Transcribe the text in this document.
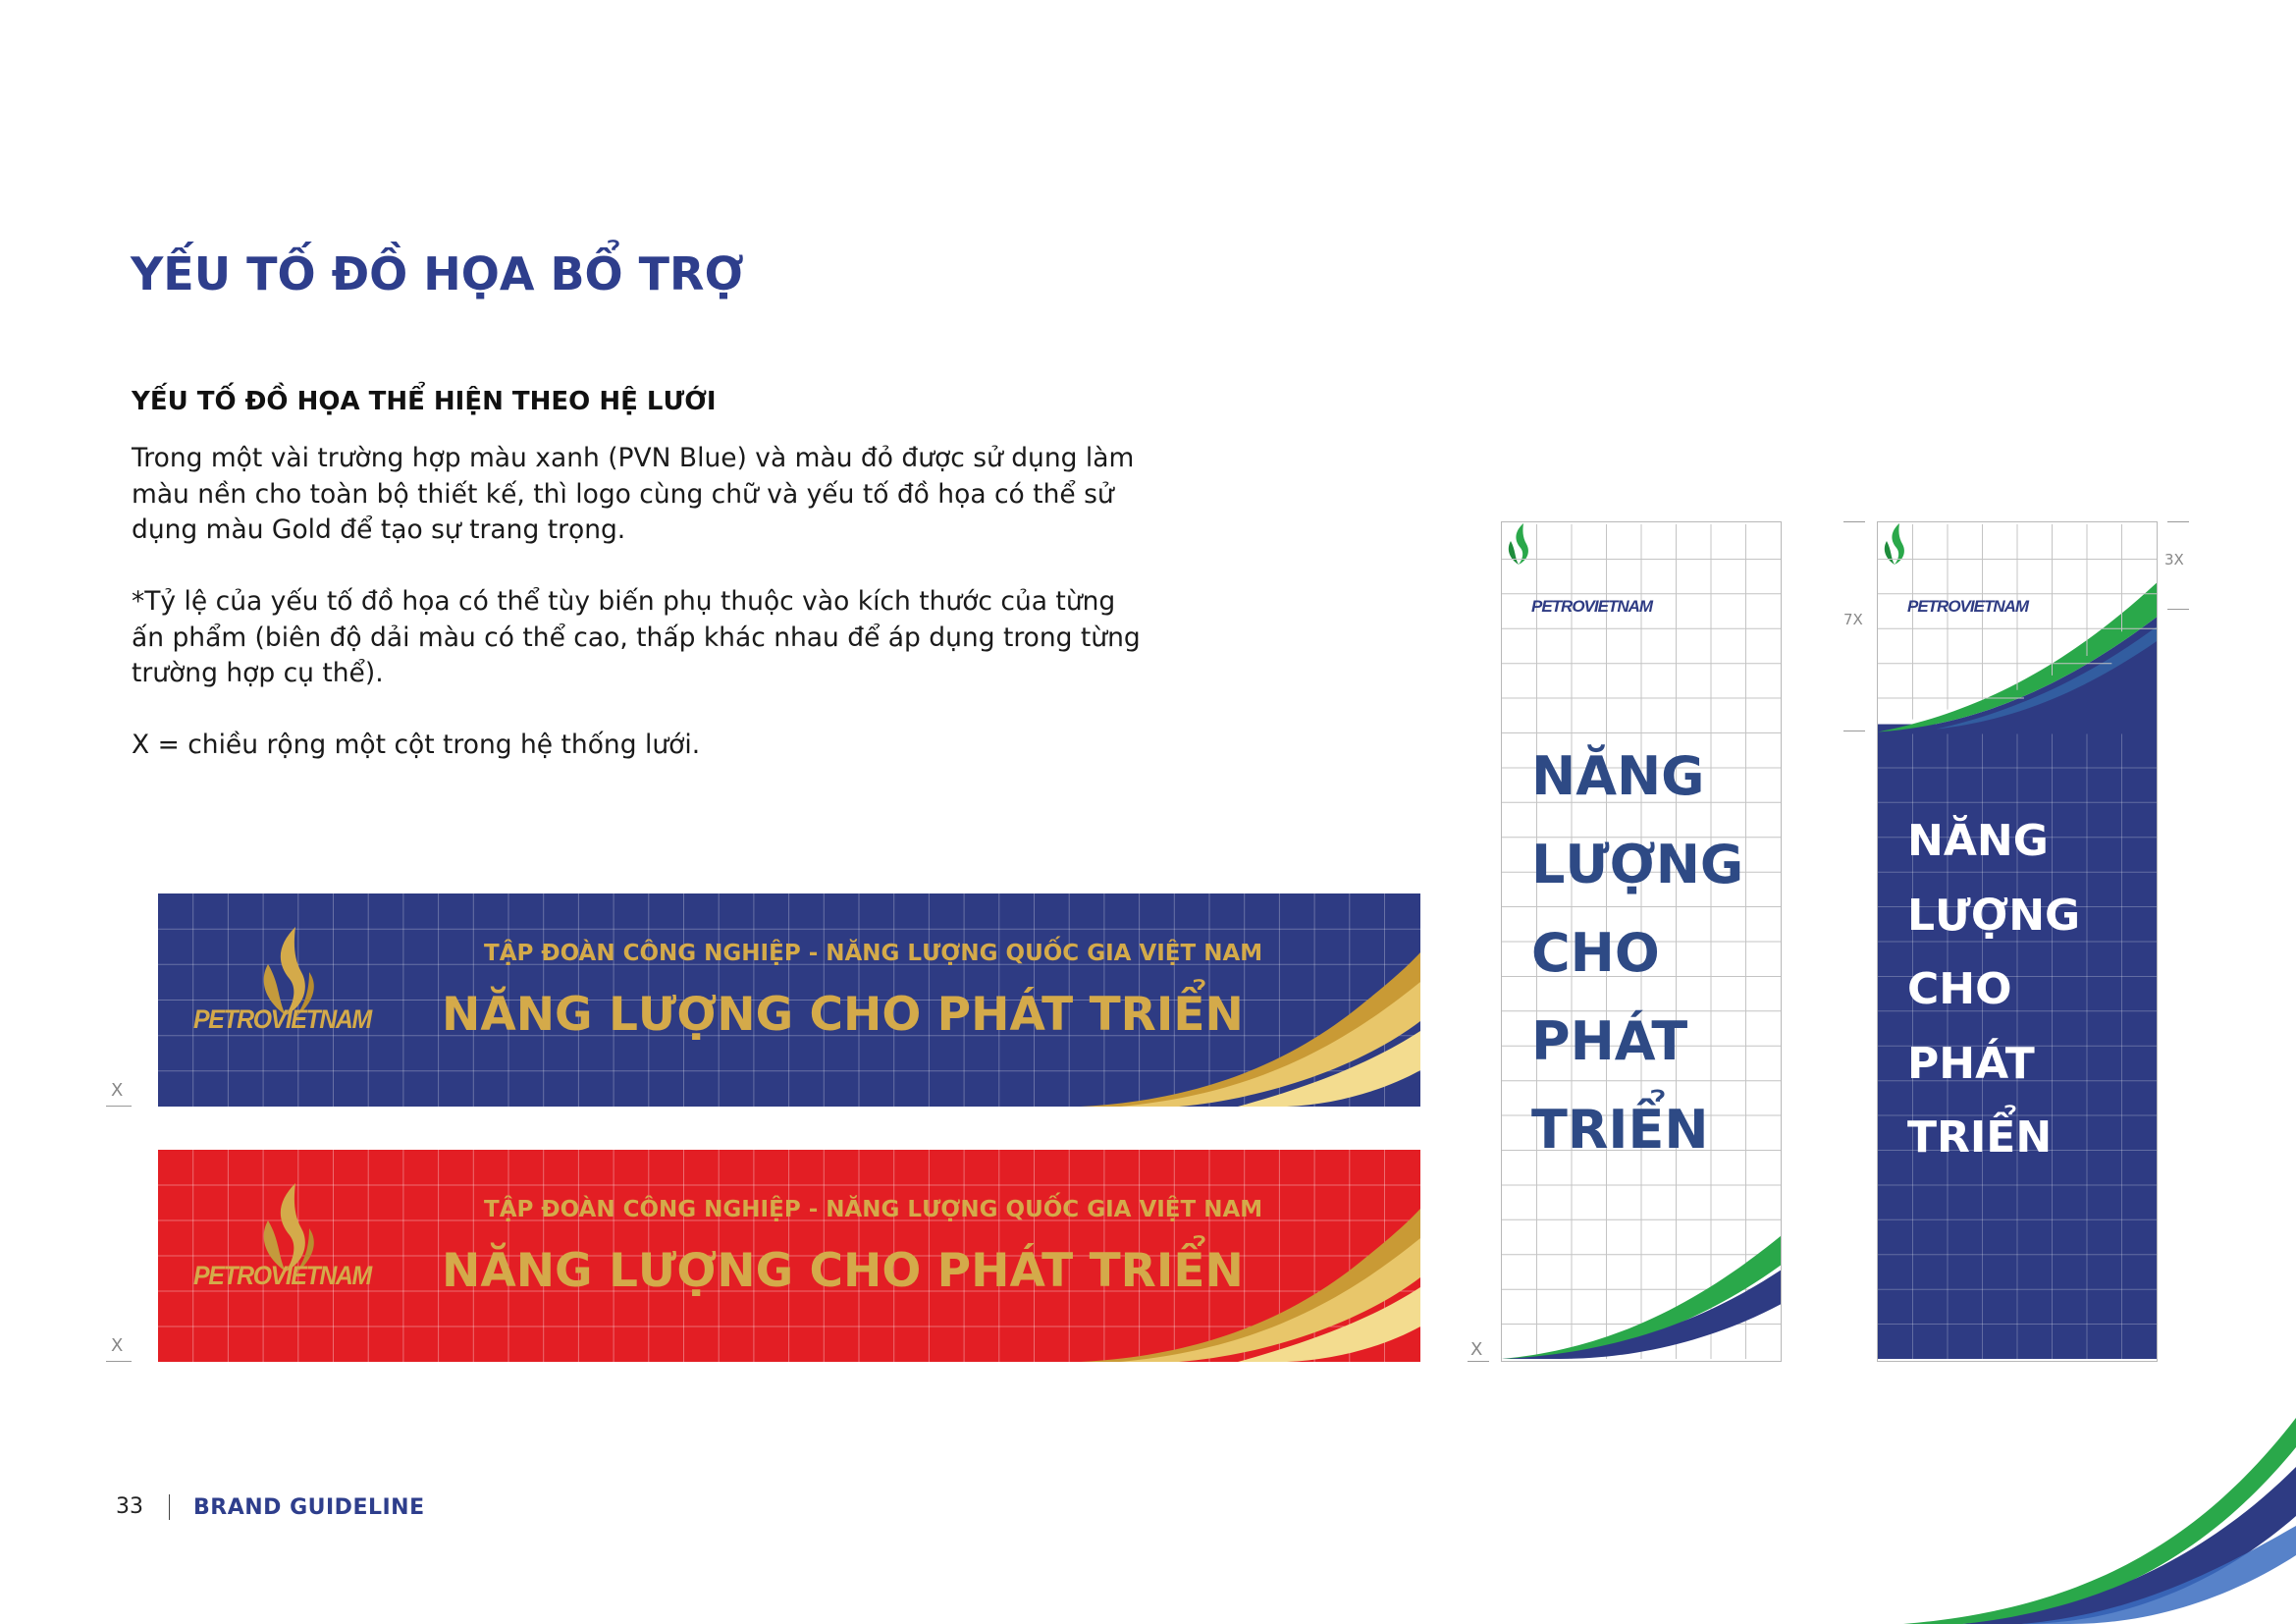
YẾU TỐ ĐỒ HỌA BỔ TRỢ
YẾU TỐ ĐỒ HỌA THỂ HIỆN THEO HỆ LƯỚI

Trong một vài trường hợp màu xanh (PVN Blue) và màu đỏ được sử dụng làm
màu nền cho toàn bộ thiết kế, thì logo cùng chữ và yếu tố đồ họa có thể sử
dụng màu Gold để tạo sự trang trọng.

*Tỷ lệ của yếu tố đồ họa có thể tùy biến phụ thuộc vào kích thước của từng
ấn phẩm (biên độ dải màu có thể cao, thấp khác nhau để áp dụng trong từng
trường hợp cụ thể).

X = chiều rộng một cột trong hệ thống lưới.

PETROVIETNAM
TẬP ĐOÀN CÔNG NGHIỆP - NĂNG LƯỢNG QUỐC GIA VIỆT NAM
NĂNG LƯỢNG CHO PHÁT TRIỂN
X
PETROVIETNAM
TẬP ĐOÀN CÔNG NGHIỆP - NĂNG LƯỢNG QUỐC GIA VIỆT NAM
NĂNG LƯỢNG CHO PHÁT TRIỂN
X
PETROVIETNAM
NĂNG
LƯỢNG
CHO
PHÁT
TRIỂN
X
PETROVIETNAM
NĂNG
LƯỢNG
CHO
PHÁT
TRIỂN
7X
3X
33 BRAND GUIDELINE
